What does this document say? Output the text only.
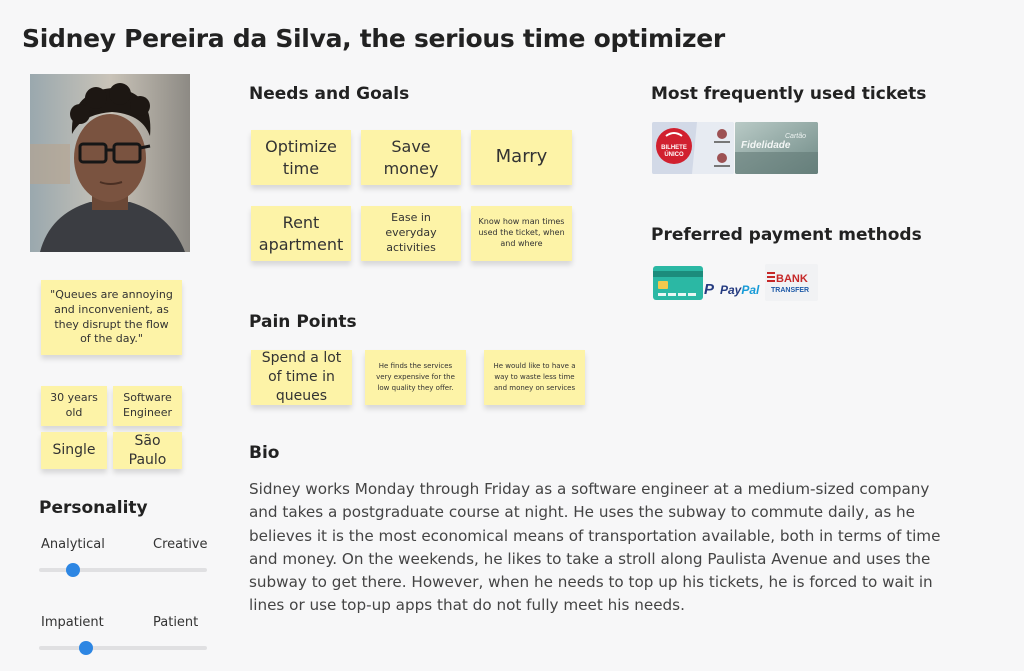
Sidney Pereira da Silva, the serious time optimizer
"Queues are annoying and inconvenient, as they disrupt the flow of the day."
30 years old
Software Engineer
Single
São Paulo
Personality
Analytical	Creative
Impatient	Patient
Needs and Goals
Optimize time
Save money
Marry
Rent apartment
Ease in everyday activities
Know how man times used the ticket, when and where
Pain Points
Spend a lot of time in queues
He finds the services very expensive for the low quality they offer.
He would like to have a way to waste less time and money on services
Bio
Sidney works Monday through Friday as a software engineer at a medium-sized company and takes a postgraduate course at night. He uses the subway to commute daily, as he believes it is the most economical means of transportation available, both in terms of time and money. On the weekends, he likes to take a stroll along Paulista Avenue and uses the subway to get there. However, when he needs to top up his tickets, he is forced to wait in lines or use top-up apps that do not fully meet his needs.
Most frequently used tickets
BILHETE
ÚNICO
Cartão
Fidelidade
Preferred payment methods
P PayPal
BANK
TRANSFER
